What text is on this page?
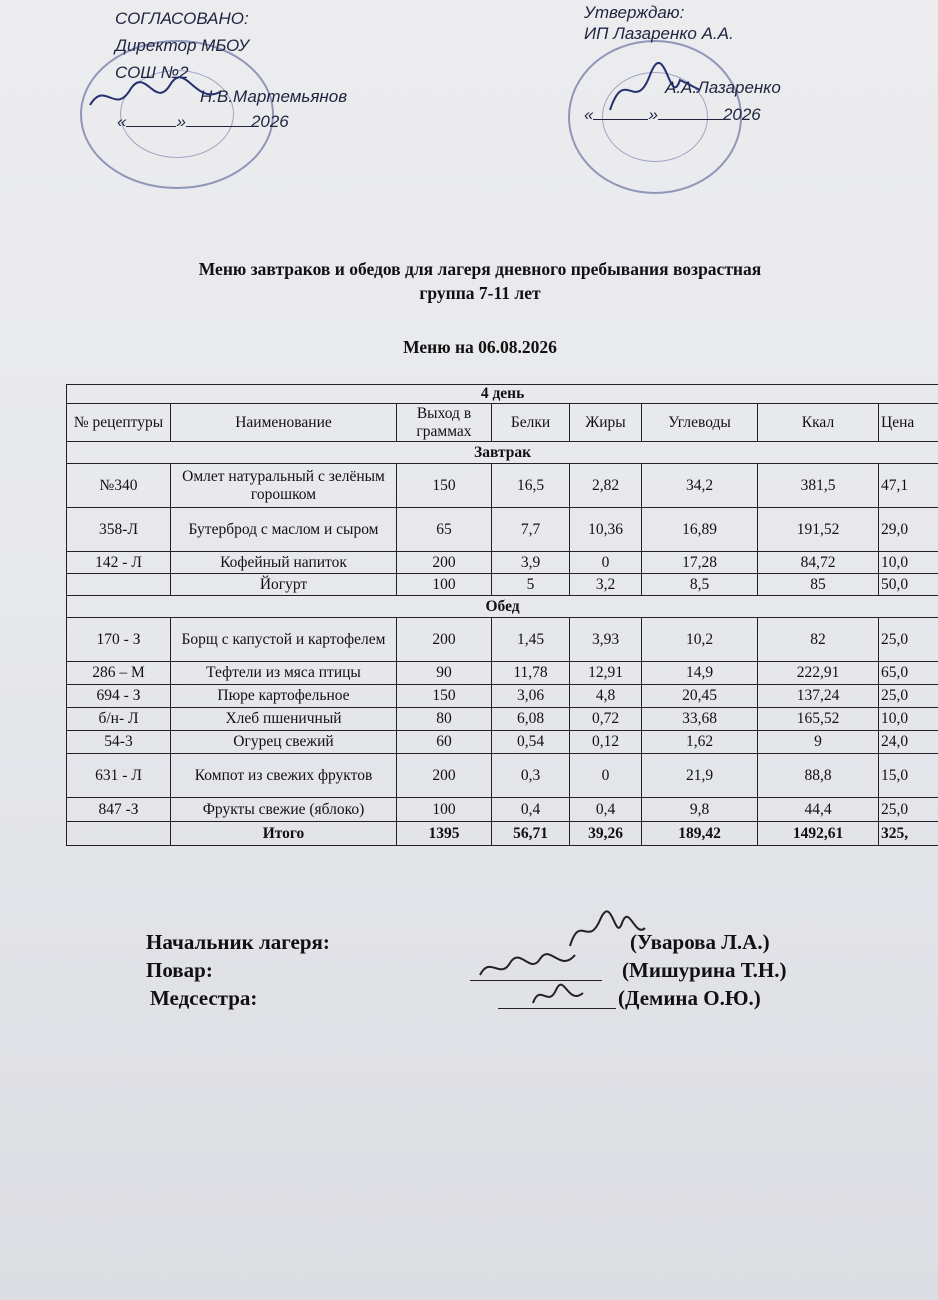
СОГЛАСОВАНО:
Директор МБОУ
СОШ №2
Н.В.Мартемьянов
«	»	2026
Утверждаю:
ИП Лазаренко А.А.
А.А.Лазаренко
«	»	2026
Меню завтраков и обедов для лагеря дневного пребывания возрастная
группа 7-11 лет
Меню на 06.08.2026
4 день							
№ рецептуры	Наименование	Выход в граммах	Белки	Жиры	Углеводы	Ккал	Цена
Завтрак							
№340	Омлет натуральный с зелёным горошком	150	16,5	2,82	34,2	381,5	47,1
358-Л	Бутерброд с маслом и сыром	65	7,7	10,36	16,89	191,52	29,0
142 - Л	Кофейный напиток	200	3,9	0	17,28	84,72	10,0
	Йогурт	100	5	3,2	8,5	85	50,0
Обед							
170 - З	Борщ с капустой и картофелем	200	1,45	3,93	10,2	82	25,0
286 – М	Тефтели из мяса птицы	90	11,78	12,91	14,9	222,91	65,0
694 - З	Пюре картофельное	150	3,06	4,8	20,45	137,24	25,0
б/н- Л	Хлеб пшеничный	80	6,08	0,72	33,68	165,52	10,0
54-3	Огурец свежий	60	0,54	0,12	1,62	9	24,0
631 - Л	Компот из свежих фруктов	200	0,3	0	21,9	88,8	15,0
847 -З	Фрукты свежие (яблоко)	100	0,4	0,4	9,8	44,4	25,0
	Итого	1395	56,71	39,26	189,42	1492,61	325,
Начальник лагеря:	(Уварова Л.А.)
Повар:	(Мишурина Т.Н.)
Медсестра:	(Демина О.Ю.)
